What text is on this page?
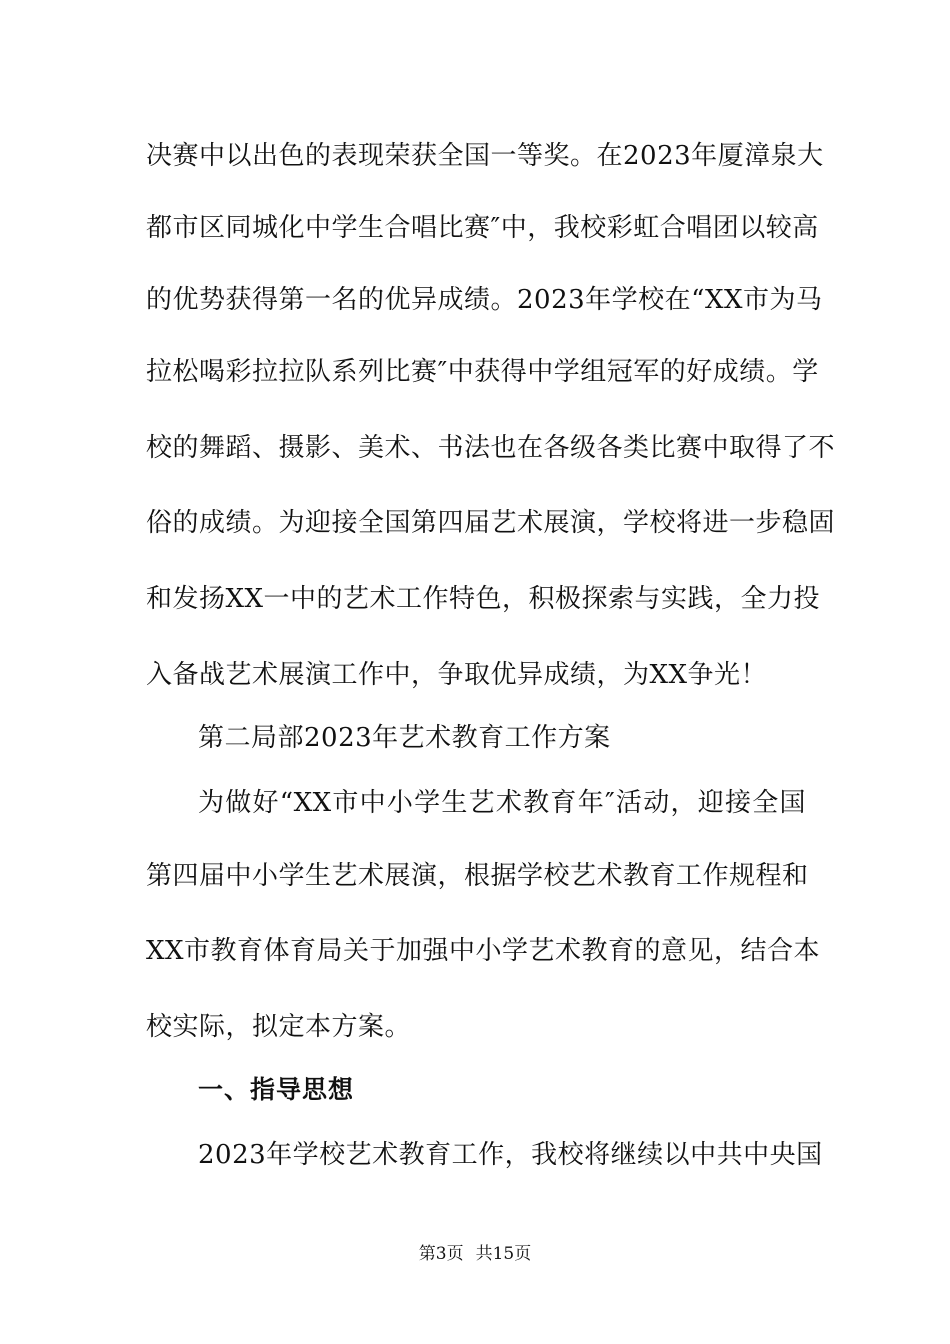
决赛中以出色的表现荣获全国一等奖。在2023年厦漳泉大
都市区同城化中学生合唱比赛″中，我校彩虹合唱团以较高
的优势获得第一名的优异成绩。2023年学校在“XX市为马
拉松喝彩拉拉队系列比赛″中获得中学组冠军的好成绩。学
校的舞蹈、摄影、美术、书法也在各级各类比赛中取得了不
俗的成绩。为迎接全国第四届艺术展演，学校将进一步稳固
和发扬XX一中的艺术工作特色，积极探索与实践，全力投
入备战艺术展演工作中，争取优异成绩，为XX争光！
第二局部2023年艺术教育工作方案
为做好“XX市中小学生艺术教育年″活动，迎接全国
第四届中小学生艺术展演，根据学校艺术教育工作规程和
XX市教育体育局关于加强中小学艺术教育的意见，结合本
校实际，拟定本方案。
一、指导思想
2023年学校艺术教育工作，我校将继续以中共中央国
第3页 共15页
